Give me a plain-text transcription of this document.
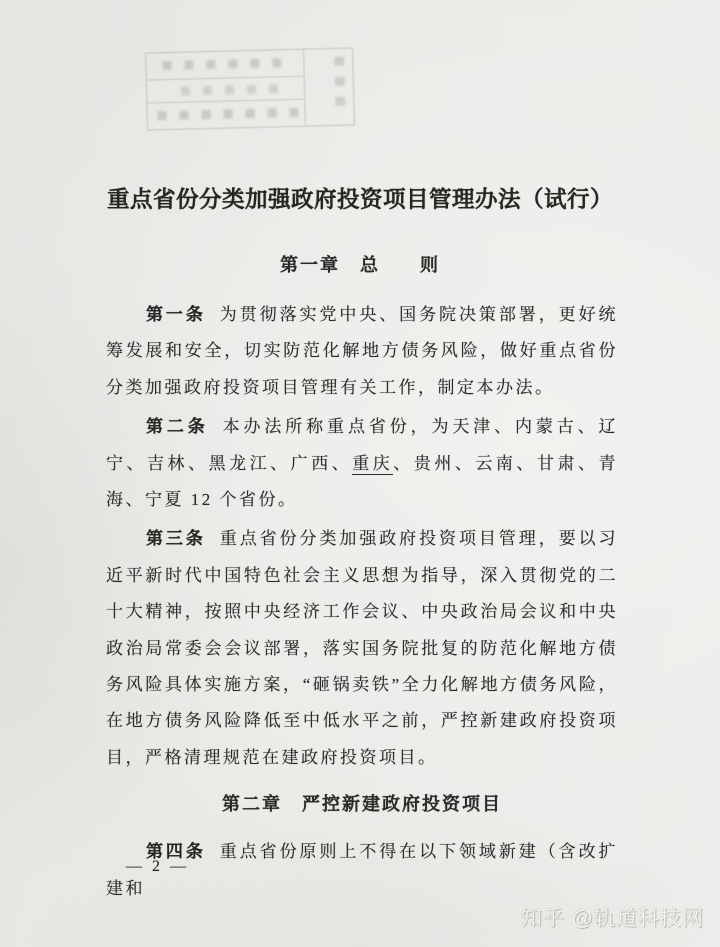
重点省份分类加强政府投资项目管理办法（试行）
第一章　总　　则

第一条 为贯彻落实党中央、国务院决策部署，更好统筹发展和安全，切实防范化解地方债务风险，做好重点省份分类加强政府投资项目管理有关工作，制定本办法。

第二条 本办法所称重点省份，为天津、内蒙古、辽宁、吉林、黑龙江、广西、重庆、贵州、云南、甘肃、青海、宁夏 12 个省份。

第三条 重点省份分类加强政府投资项目管理，要以习近平新时代中国特色社会主义思想为指导，深入贯彻党的二十大精神，按照中央经济工作会议、中央政治局会议和中央政治局常委会会议部署，落实国务院批复的防范化解地方债务风险具体实施方案，“砸锅卖铁”全力化解地方债务风险，在地方债务风险降低至中低水平之前，严控新建政府投资项目，严格清理规范在建政府投资项目。

第二章　严控新建政府投资项目

第四条 重点省份原则上不得在以下领域新建（含改扩建和

— 2 —
知乎 @轨道科技网
